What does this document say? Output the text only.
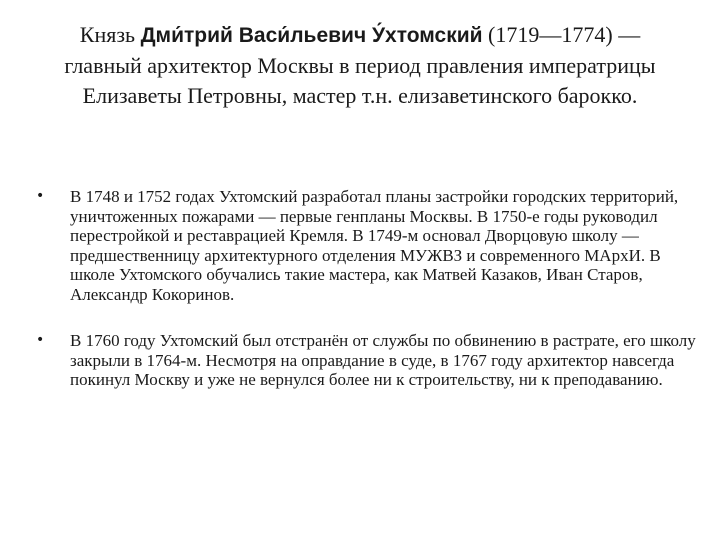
Князь Дми́трий Васи́льевич У́хтомский (1719—1774) — главный архитектор Москвы в период правления императрицы Елизаветы Петровны, мастер т.н. елизаветинского барокко.
• В 1748 и 1752 годах Ухтомский разработал планы застройки городских территорий, уничтоженных пожарами — первые генпланы Москвы. В 1750-е годы руководил перестройкой и реставрацией Кремля. В 1749-м основал Дворцовую школу — предшественницу архитектурного отделения МУЖВЗ и современного МАрхИ. В школе Ухтомского обучались такие мастера, как Матвей Казаков, Иван Старов, Александр Кокоринов.
• В 1760 году Ухтомский был отстранён от службы по обвинению в растрате, его школу закрыли в 1764-м. Несмотря на оправдание в суде, в 1767 году архитектор навсегда покинул Москву и уже не вернулся более ни к строительству, ни к преподаванию.
